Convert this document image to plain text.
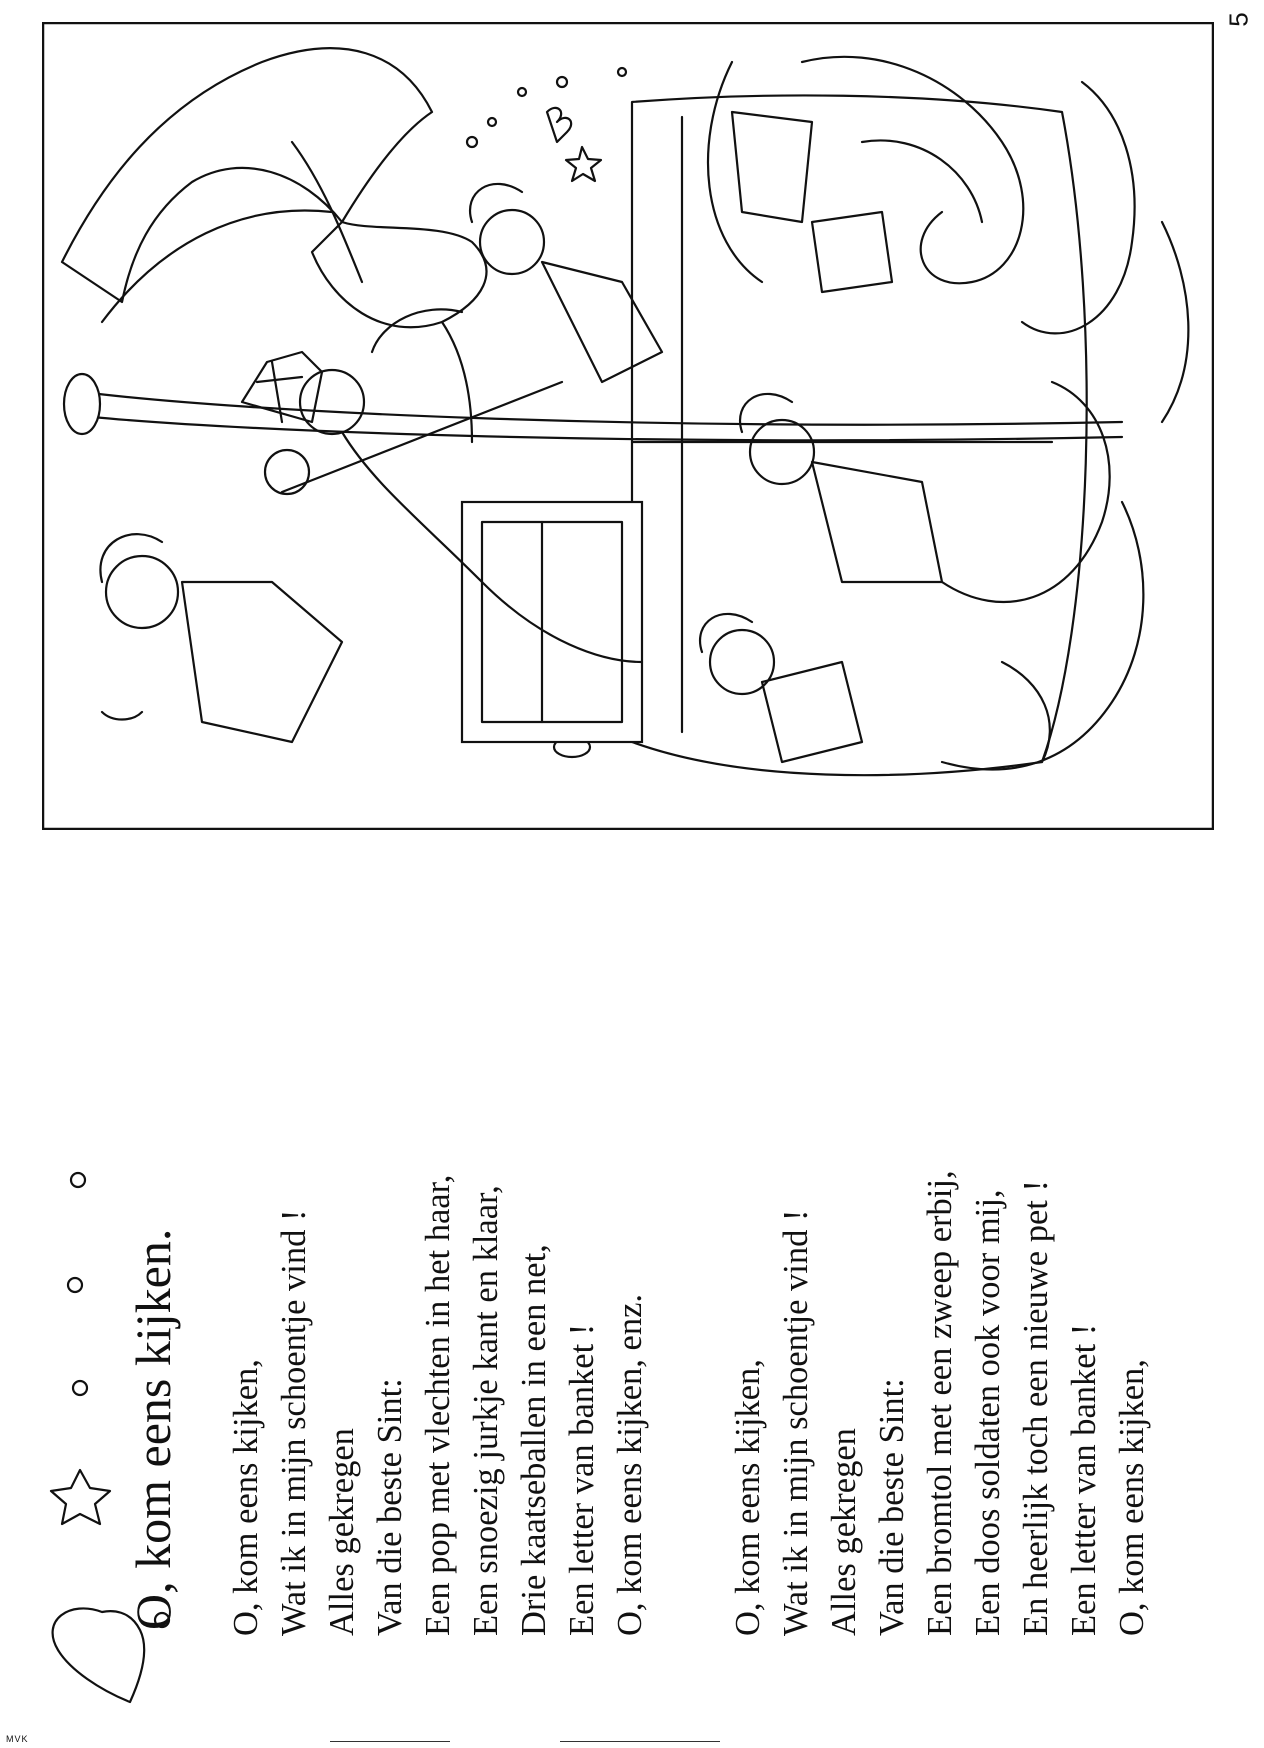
5
O, kom eens kijken. O, kom eens kijken, Wat ik in mijn schoentje vind ! Alles gekregen Van die beste Sint: Een pop met vlechten in het haar, Een snoezig jurkje kant en klaar, Drie kaatseballen in een net, Een letter van banket ! O, kom eens kijken, enz. O, kom eens kijken, Wat ik in mijn schoentje vind ! Alles gekregen Van die beste Sint: Een bromtol met een zweep erbij, Een doos soldaten ook voor mij, En heerlijk toch een nieuwe pet ! Een letter van banket ! O, kom eens kijken,
MVK
